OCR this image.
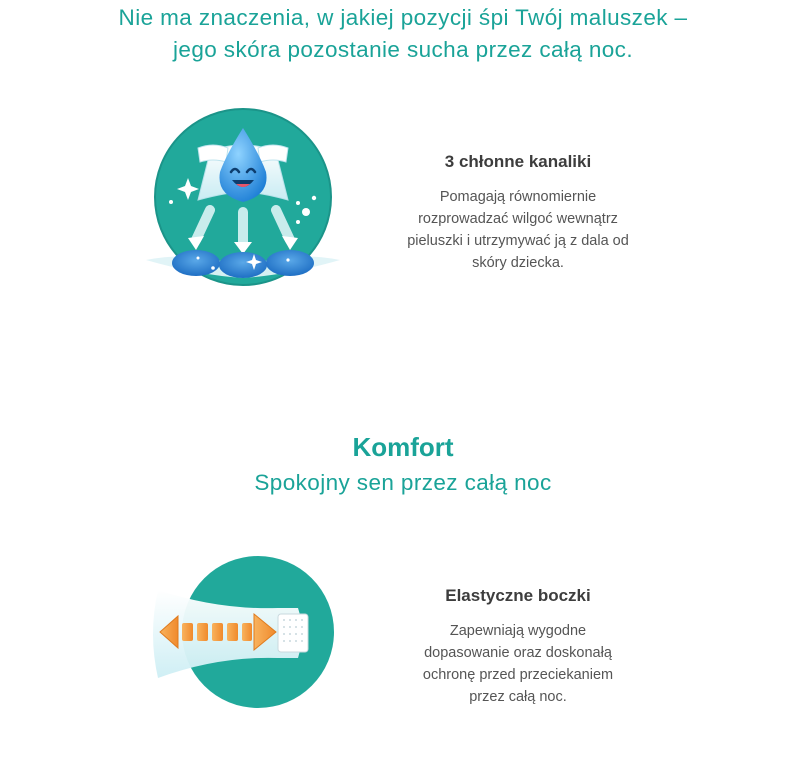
Nie ma znaczenia, w jakiej pozycji śpi Twój maluszek –
jego skóra pozostanie sucha przez całą noc.
3 chłonne kanaliki

Pomagają równomiernie
rozprowadzać wilgoć wewnątrz
pieluszki i utrzymywać ją z dala od
skóry dziecka.

Komfort
Spokojny sen przez całą noc
Elastyczne boczki

Zapewniają wygodne
dopasowanie oraz doskonałą
ochronę przed przeciekaniem
przez całą noc.
